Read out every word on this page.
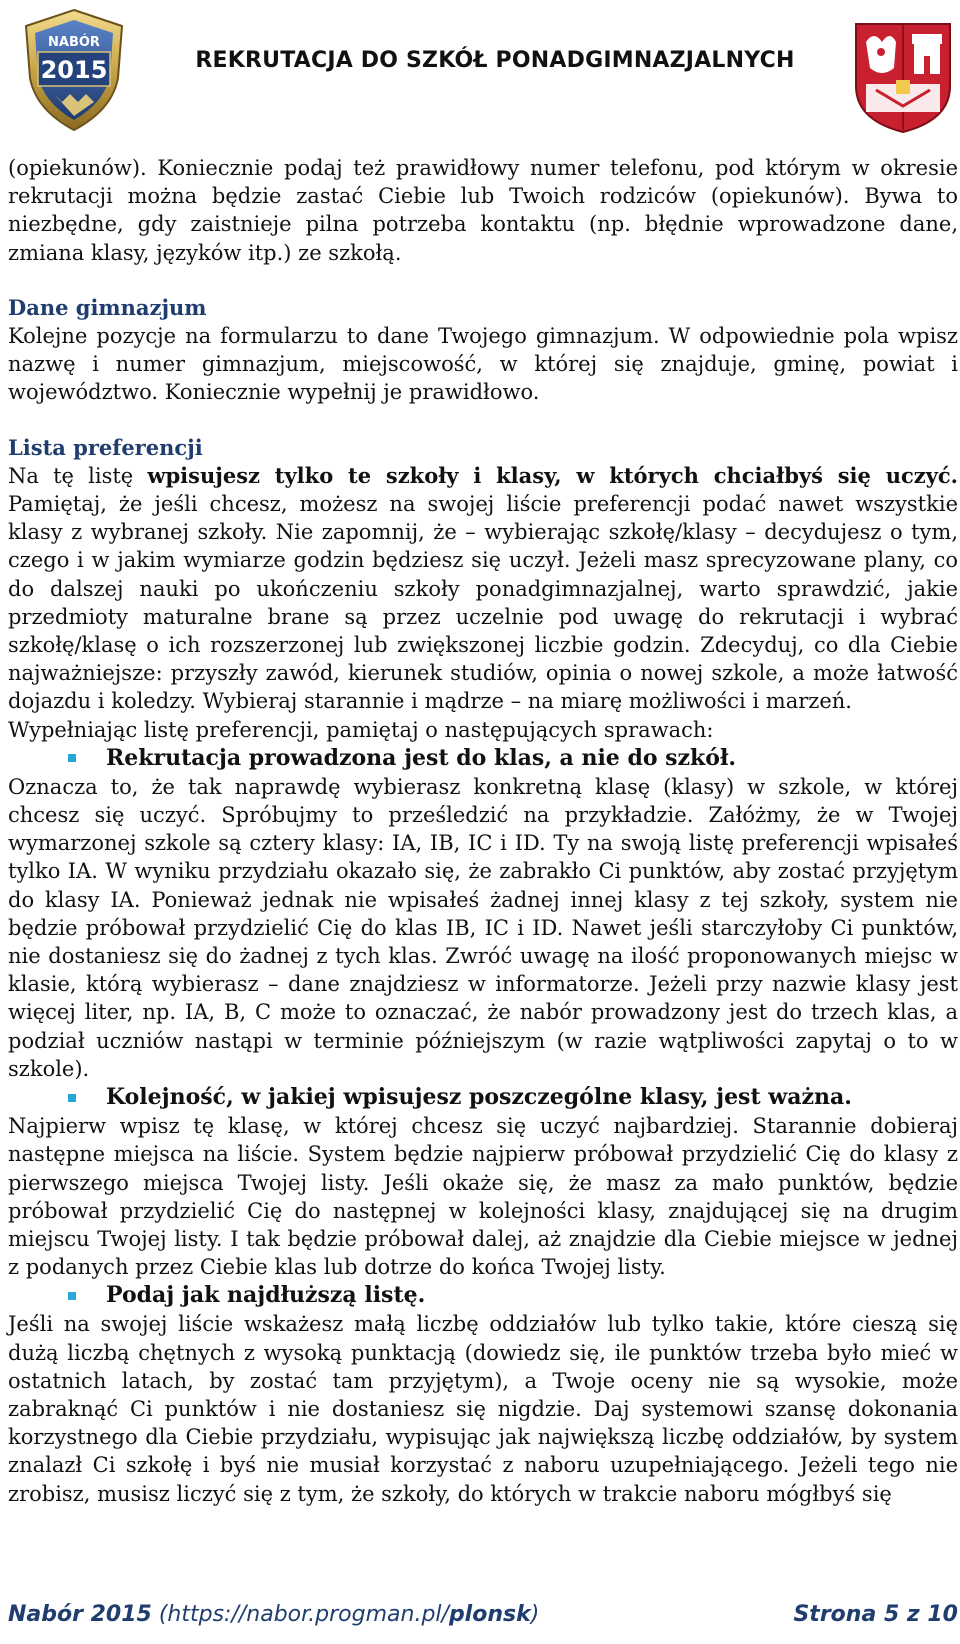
NABÓR
2015	REKRUTACJA DO SZKÓŁ PONADGIMNAZJALNYCH

(opiekunów). Koniecznie podaj też prawidłowy numer telefonu, pod którym w okresie rekrutacji można będzie zastać Ciebie lub Twoich rodziców (opiekunów). Bywa to niezbędne, gdy zaistnieje pilna potrzeba kontaktu (np. błędnie wprowadzone dane, zmiana klasy, języków itp.) ze szkołą.

Dane gimnazjum

Kolejne pozycje na formularzu to dane Twojego gimnazjum. W odpowiednie pola wpisz nazwę i numer gimnazjum, miejscowość, w której się znajduje, gminę, powiat i województwo. Koniecznie wypełnij je prawidłowo.

Lista preferencji

Na tę listę wpisujesz tylko te szkoły i klasy, w których chciałbyś się uczyć. Pamiętaj, że jeśli chcesz, możesz na swojej liście preferencji podać nawet wszystkie klasy z wybranej szkoły. Nie zapomnij, że – wybierając szkołę/klasy – decydujesz o tym, czego i w jakim wymiarze godzin będziesz się uczył. Jeżeli masz sprecyzowane plany, co do dalszej nauki po ukończeniu szkoły ponadgimnazjalnej, warto sprawdzić, jakie przedmioty maturalne brane są przez uczelnie pod uwagę do rekrutacji i wybrać szkołę/klasę o ich rozszerzonej lub zwiększonej liczbie godzin. Zdecyduj, co dla Ciebie najważniejsze: przyszły zawód, kierunek studiów, opinia o nowej szkole, a może łatwość dojazdu i koledzy. Wybieraj starannie i mądrze – na miarę możliwości i marzeń.

Wypełniając listę preferencji, pamiętaj o następujących sprawach:

Rekrutacja prowadzona jest do klas, a nie do szkół.

Oznacza to, że tak naprawdę wybierasz konkretną klasę (klasy) w szkole, w której chcesz się uczyć. Spróbujmy to prześledzić na przykładzie. Załóżmy, że w Twojej wymarzonej szkole są cztery klasy: IA, IB, IC i ID. Ty na swoją listę preferencji wpisałeś tylko IA. W wyniku przydziału okazało się, że zabrakło Ci punktów, aby zostać przyjętym do klasy IA. Ponieważ jednak nie wpisałeś żadnej innej klasy z tej szkoły, system nie będzie próbował przydzielić Cię do klas IB, IC i ID. Nawet jeśli starczyłoby Ci punktów, nie dostaniesz się do żadnej z tych klas. Zwróć uwagę na ilość proponowanych miejsc w klasie, którą wybierasz – dane znajdziesz w informatorze. Jeżeli przy nazwie klasy jest więcej liter, np. IA, B, C może to oznaczać, że nabór prowadzony jest do trzech klas, a podział uczniów nastąpi w terminie późniejszym (w razie wątpliwości zapytaj o to w szkole).

Kolejność, w jakiej wpisujesz poszczególne klasy, jest ważna.

Najpierw wpisz tę klasę, w której chcesz się uczyć najbardziej. Starannie dobieraj następne miejsca na liście. System będzie najpierw próbował przydzielić Cię do klasy z pierwszego miejsca Twojej listy. Jeśli okaże się, że masz za mało punktów, będzie próbował przydzielić Cię do następnej w kolejności klasy, znajdującej się na drugim miejscu Twojej listy. I tak będzie próbował dalej, aż znajdzie dla Ciebie miejsce w jednej z podanych przez Ciebie klas lub dotrze do końca Twojej listy.

Podaj jak najdłuższą listę.

Jeśli na swojej liście wskażesz małą liczbę oddziałów lub tylko takie, które cieszą się dużą liczbą chętnych z wysoką punktacją (dowiedz się, ile punktów trzeba było mieć w ostatnich latach, by zostać tam przyjętym), a Twoje oceny nie są wysokie, może zabraknąć Ci punktów i nie dostaniesz się nigdzie. Daj systemowi szansę dokonania korzystnego dla Ciebie przydziału, wypisując jak największą liczbę oddziałów, by system znalazł Ci szkołę i byś nie musiał korzystać z naboru uzupełniającego. Jeżeli tego nie zrobisz, musisz liczyć się z tym, że szkoły, do których w trakcie naboru mógłbyś się

Nabór 2015 (https://nabor.progman.pl/plonsk)	Strona 5 z 10
